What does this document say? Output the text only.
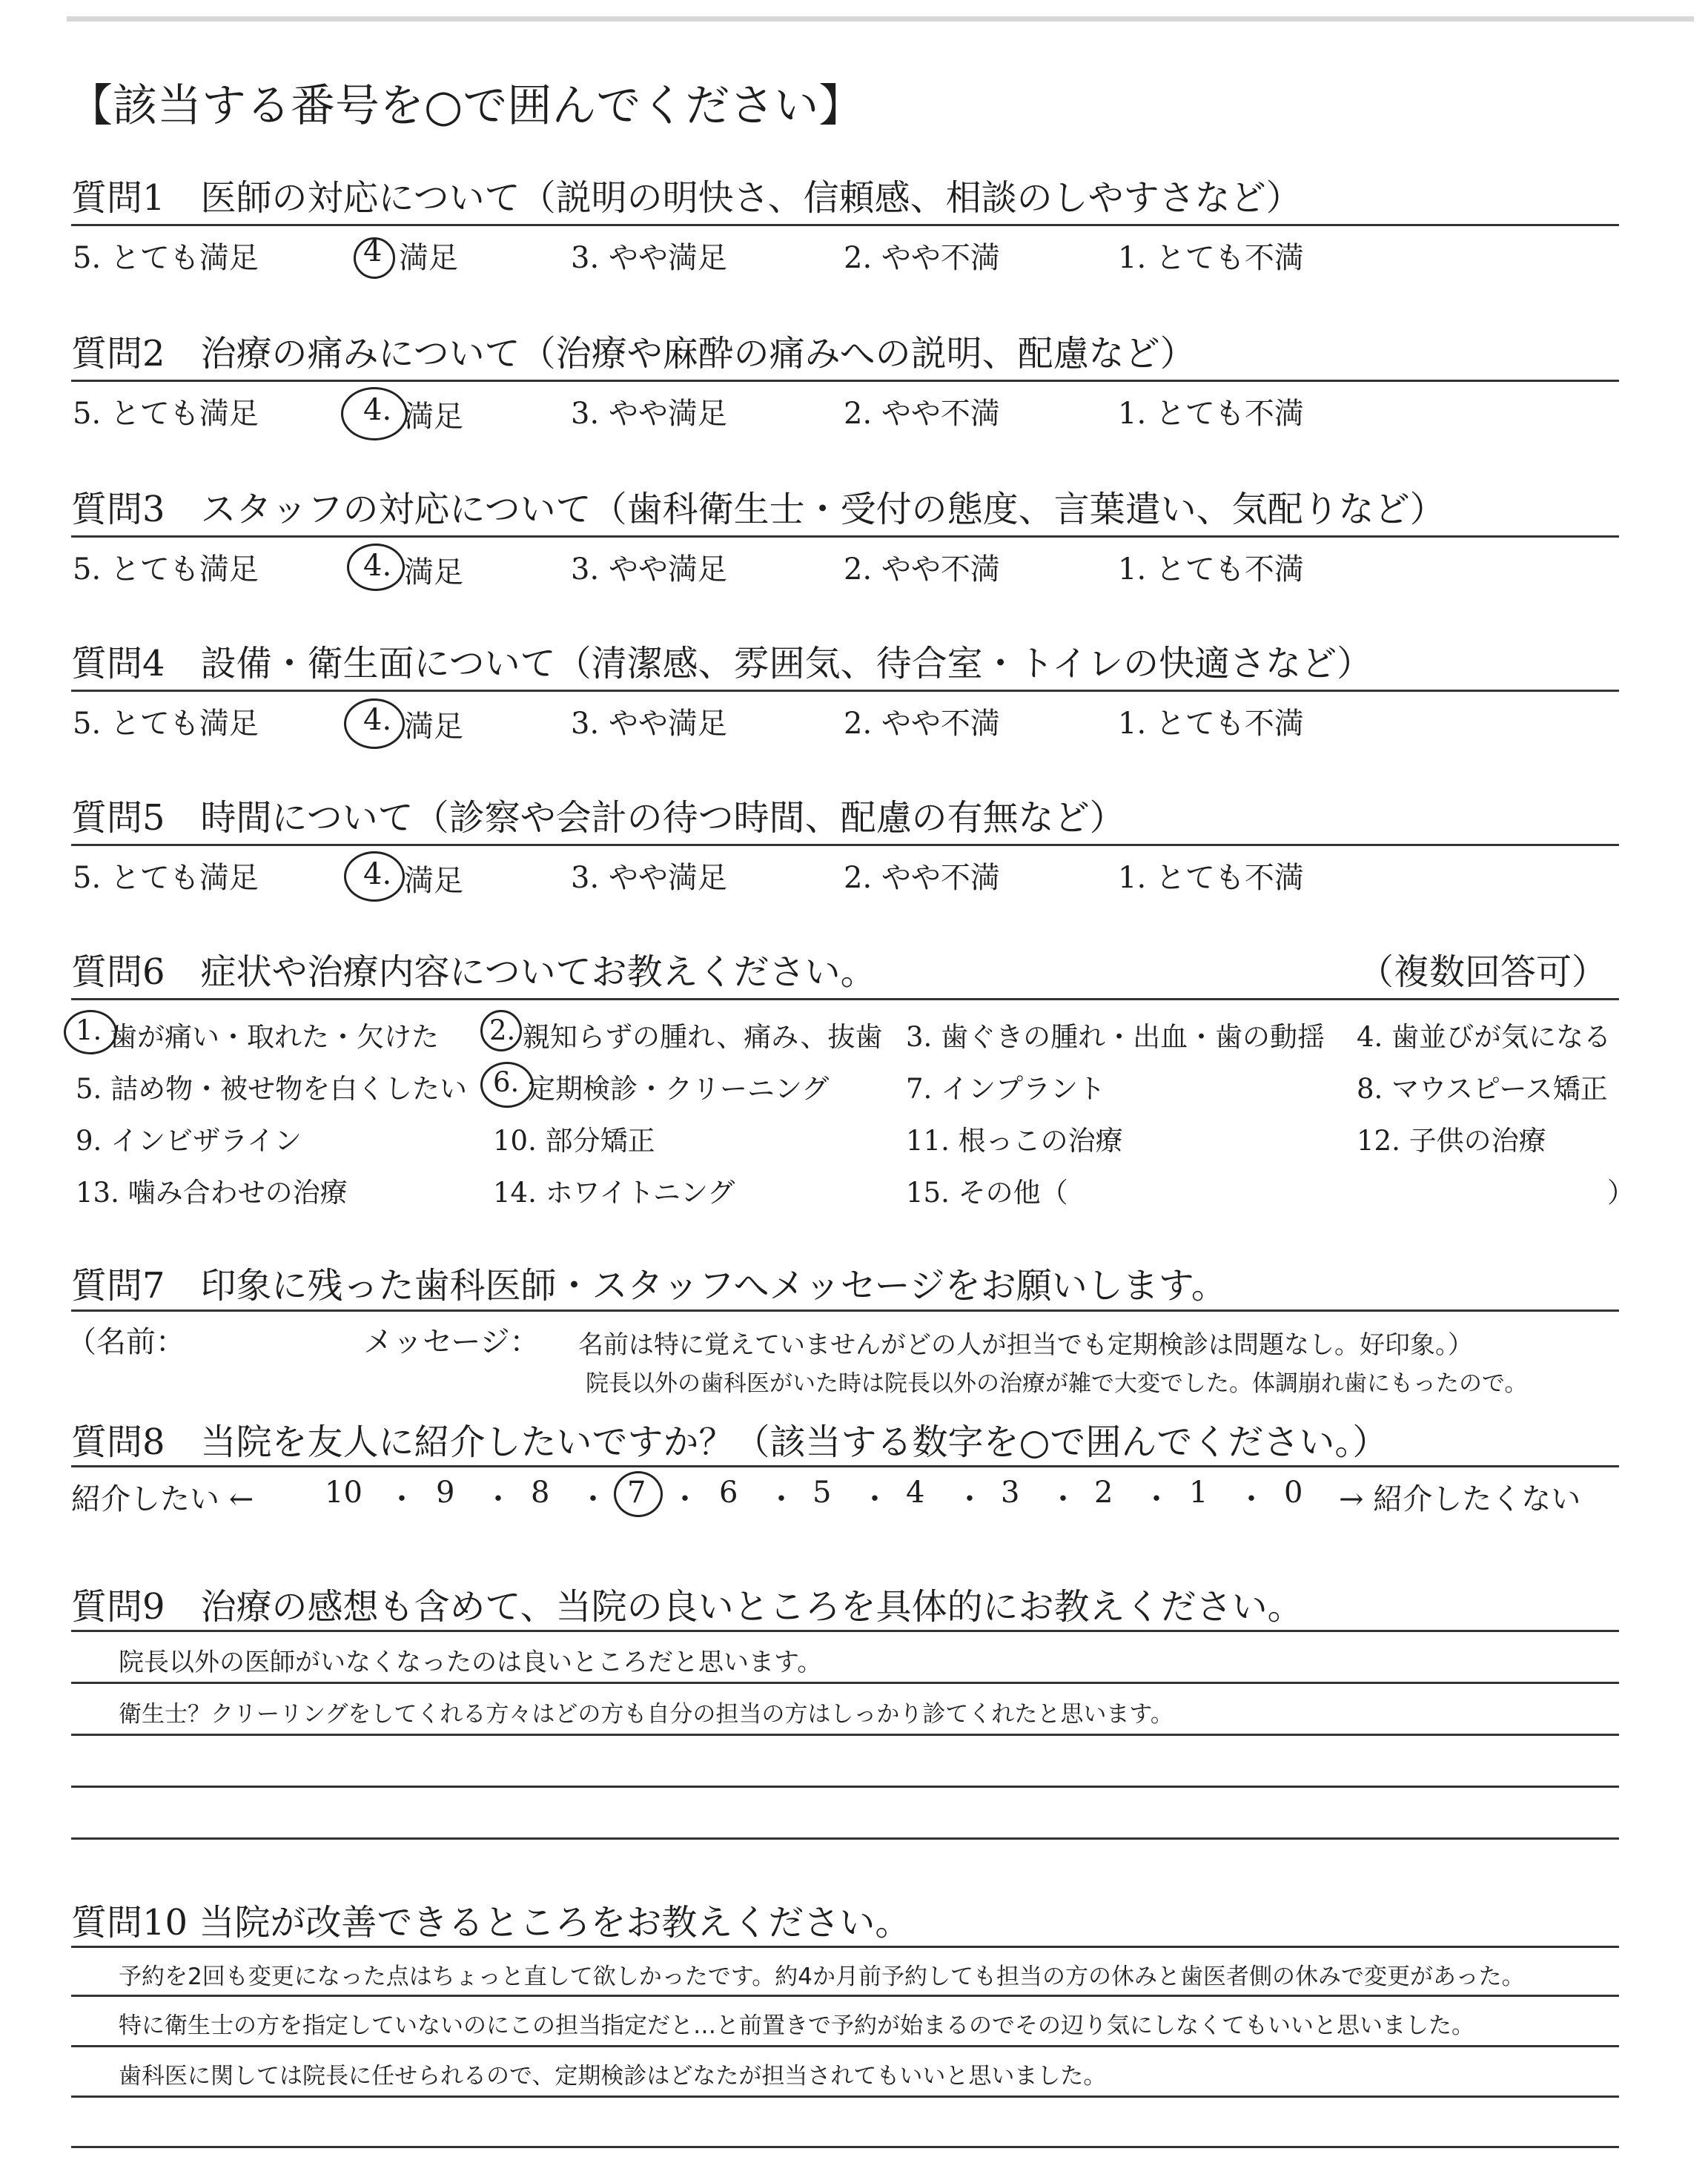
【該当する番号を○で囲んでください】
質問1　医師の対応について（説明の明快さ、信頼感、相談のしやすさなど）
5. とても満足	4 満足	3. やや満足	2. やや不満	1. とても不満
質問2　治療の痛みについて（治療や麻酔の痛みへの説明、配慮など）
5. とても満足	4. 満足	3. やや満足	2. やや不満	1. とても不満
質問3　スタッフの対応について（歯科衛生士・受付の態度、言葉遣い、気配りなど）
5. とても満足	4. 満足	3. やや満足	2. やや不満	1. とても不満
質問4　設備・衛生面について（清潔感、雰囲気、待合室・トイレの快適さなど）
5. とても満足	4. 満足	3. やや満足	2. やや不満	1. とても不満
質問5　時間について（診察や会計の待つ時間、配慮の有無など）
5. とても満足	4. 満足	3. やや満足	2. やや不満	1. とても不満
質問6　症状や治療内容についてお教えください。	（複数回答可）
1. 歯が痛い・取れた・欠けた 2. 親知らずの腫れ、痛み、抜歯 3. 歯ぐきの腫れ・出血・歯の動揺 4. 歯並びが気になる
5. 詰め物・被せ物を白くしたい 6. 定期検診・クリーニング	7. インプラント	8. マウスピース矯正
9. インビザライン	10. 部分矯正	11. 根っこの治療	12. 子供の治療
13. 噛み合わせの治療	14. ホワイトニング	15. その他（	）
質問7　印象に残った歯科医師・スタッフへメッセージをお願いします。
（名前：	メッセージ： 名前は特に覚えていませんがどの人が担当でも定期検診は問題なし。好印象。）
院長以外の歯科医がいた時は院長以外の治療が雑で大変でした。体調崩れ歯にもったので。
質問8　当院を友人に紹介したいですか？（該当する数字を○で囲んでください。）
紹介したい ← 10 ・ 9 ・ 8 ・ 7 ・ 6 ・ 5 ・ 4 ・ 3 ・ 2 ・ 1 ・ 0 → 紹介したくない
質問9　治療の感想も含めて、当院の良いところを具体的にお教えください。
院長以外の医師がいなくなったのは良いところだと思います。
衛生士？クリーリングをしてくれる方々はどの方も自分の担当の方はしっかり診てくれたと思います。
質問10 当院が改善できるところをお教えください。
予約を2回も変更になった点はちょっと直して欲しかったです。約4か月前予約しても担当の方の休みと歯医者側の休みで変更があった。
特に衛生士の方を指定していないのにこの担当指定だと…と前置きで予約が始まるのでその辺り気にしなくてもいいと思いました。
歯科医に関しては院長に任せられるので、定期検診はどなたが担当されてもいいと思いました。
